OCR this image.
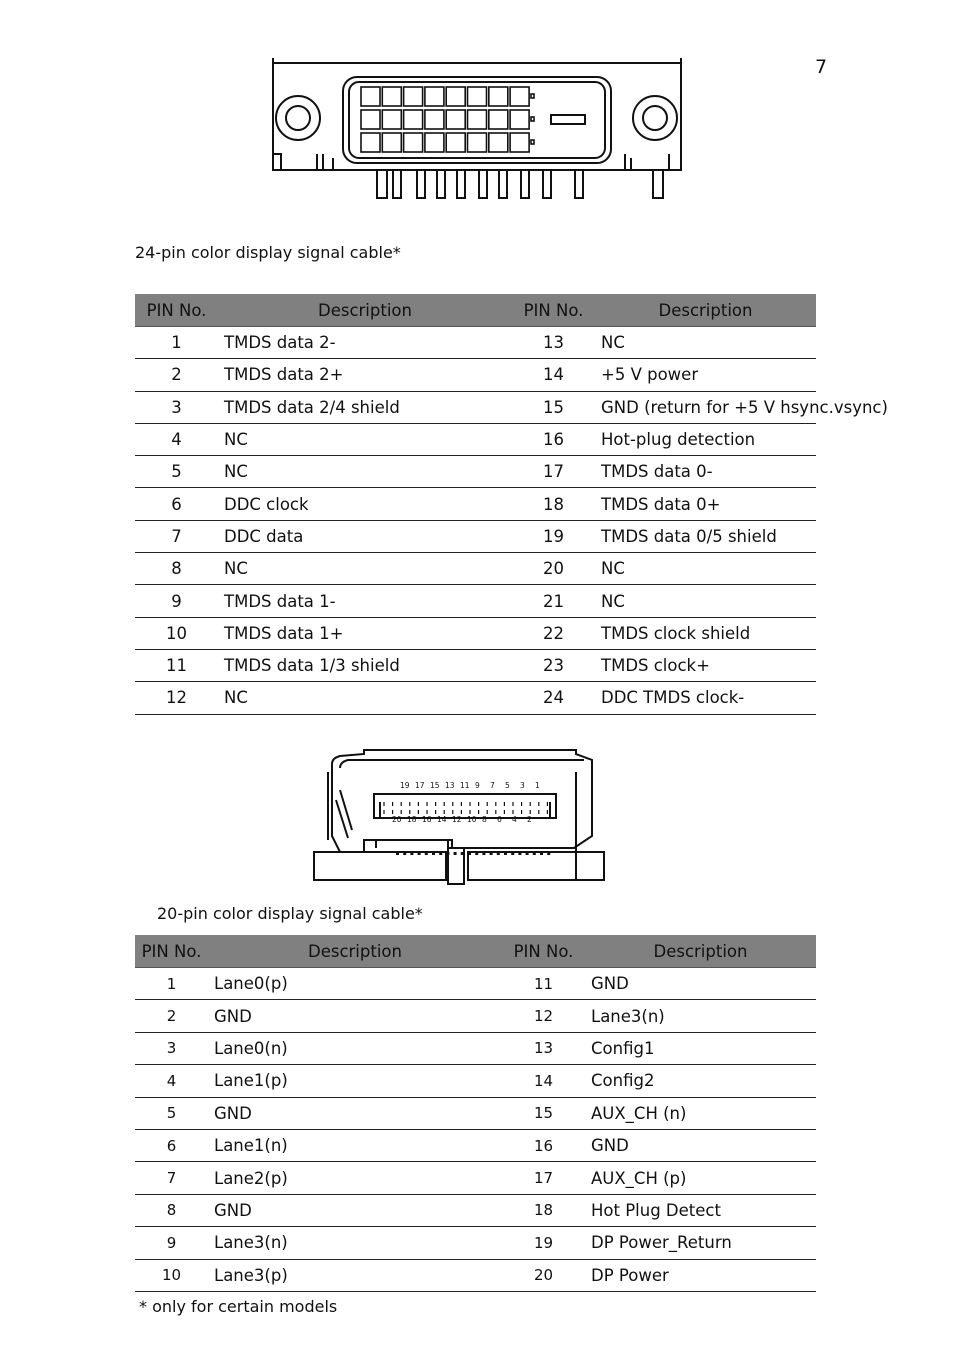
7
24-pin color display signal cable*
PIN No.	Description	PIN No.	Description
1	TMDS data 2-	13	NC
2	TMDS data 2+	14	+5 V power
3	TMDS data 2/4 shield	15	GND (return for +5 V hsync.vsync)
4	NC	16	Hot-plug detection
5	NC	17	TMDS data 0-
6	DDC clock	18	TMDS data 0+
7	DDC data	19	TMDS data 0/5 shield
8	NC	20	NC
9	TMDS data 1-	21	NC
10	TMDS data 1+	22	TMDS clock shield
11	TMDS data 1/3 shield	23	TMDS clock+
12	NC	24	DDC TMDS clock-
19 17 15 13 11 9 7 5 3 1
20 18 16 14 12 10 8 6 4 2
20-pin color display signal cable*
PIN No.	Description	PIN No.	Description
1	Lane0(p)	11	GND
2	GND	12	Lane3(n)
3	Lane0(n)	13	Config1
4	Lane1(p)	14	Config2
5	GND	15	AUX_CH (n)
6	Lane1(n)	16	GND
7	Lane2(p)	17	AUX_CH (p)
8	GND	18	Hot Plug Detect
9	Lane3(n)	19	DP Power_Return
10	Lane3(p)	20	DP Power
* only for certain models
